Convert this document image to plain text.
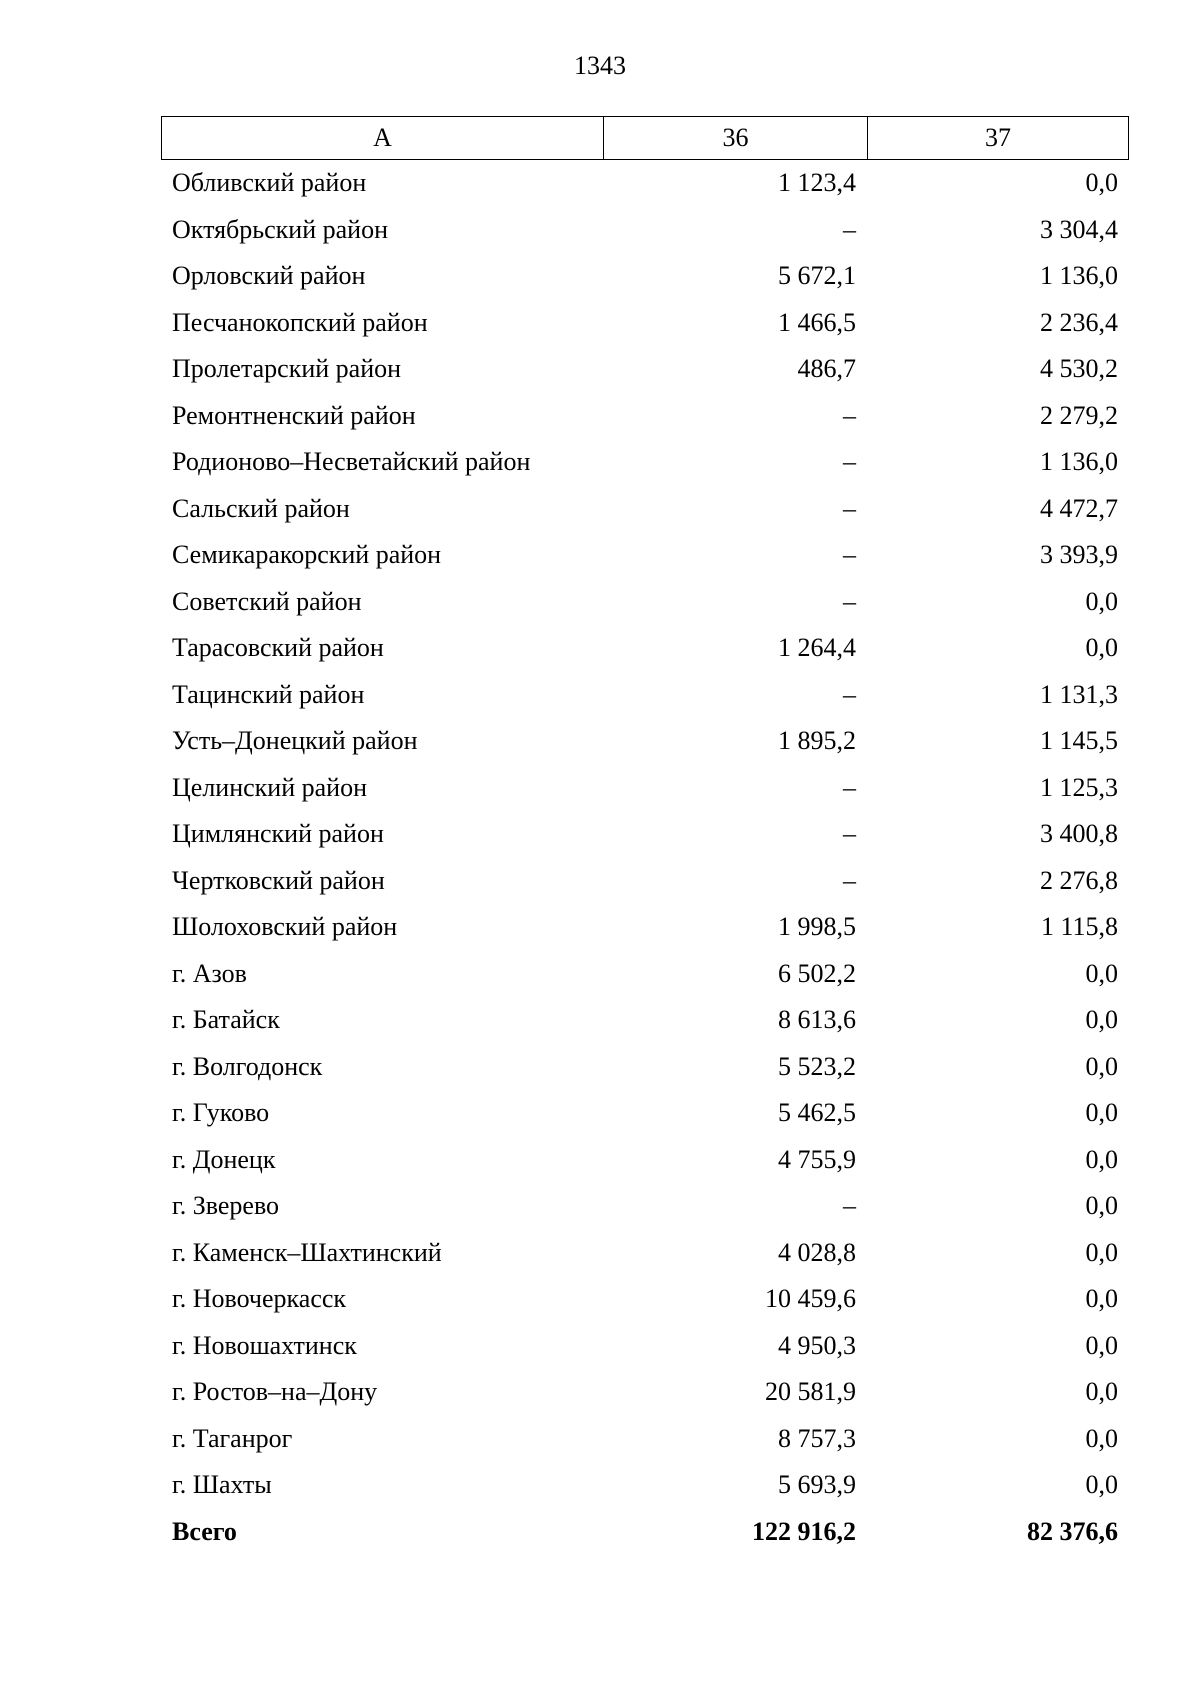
1343
А	36	37
Обливский район	1 123,4	0,0
Октябрьский район	–	3 304,4
Орловский район	5 672,1	1 136,0
Песчанокопский район	1 466,5	2 236,4
Пролетарский район	486,7	4 530,2
Ремонтненский район	–	2 279,2
Родионово–Несветайский район	–	1 136,0
Сальский район	–	4 472,7
Семикаракорский район	–	3 393,9
Советский район	–	0,0
Тарасовский район	1 264,4	0,0
Тацинский район	–	1 131,3
Усть–Донецкий район	1 895,2	1 145,5
Целинский район	–	1 125,3
Цимлянский район	–	3 400,8
Чертковский район	–	2 276,8
Шолоховский район	1 998,5	1 115,8
г. Азов	6 502,2	0,0
г. Батайск	8 613,6	0,0
г. Волгодонск	5 523,2	0,0
г. Гуково	5 462,5	0,0
г. Донецк	4 755,9	0,0
г. Зверево	–	0,0
г. Каменск–Шахтинский	4 028,8	0,0
г. Новочеркасск	10 459,6	0,0
г. Новошахтинск	4 950,3	0,0
г. Ростов–на–Дону	20 581,9	0,0
г. Таганрог	8 757,3	0,0
г. Шахты	5 693,9	0,0
Всего	122 916,2	82 376,6
